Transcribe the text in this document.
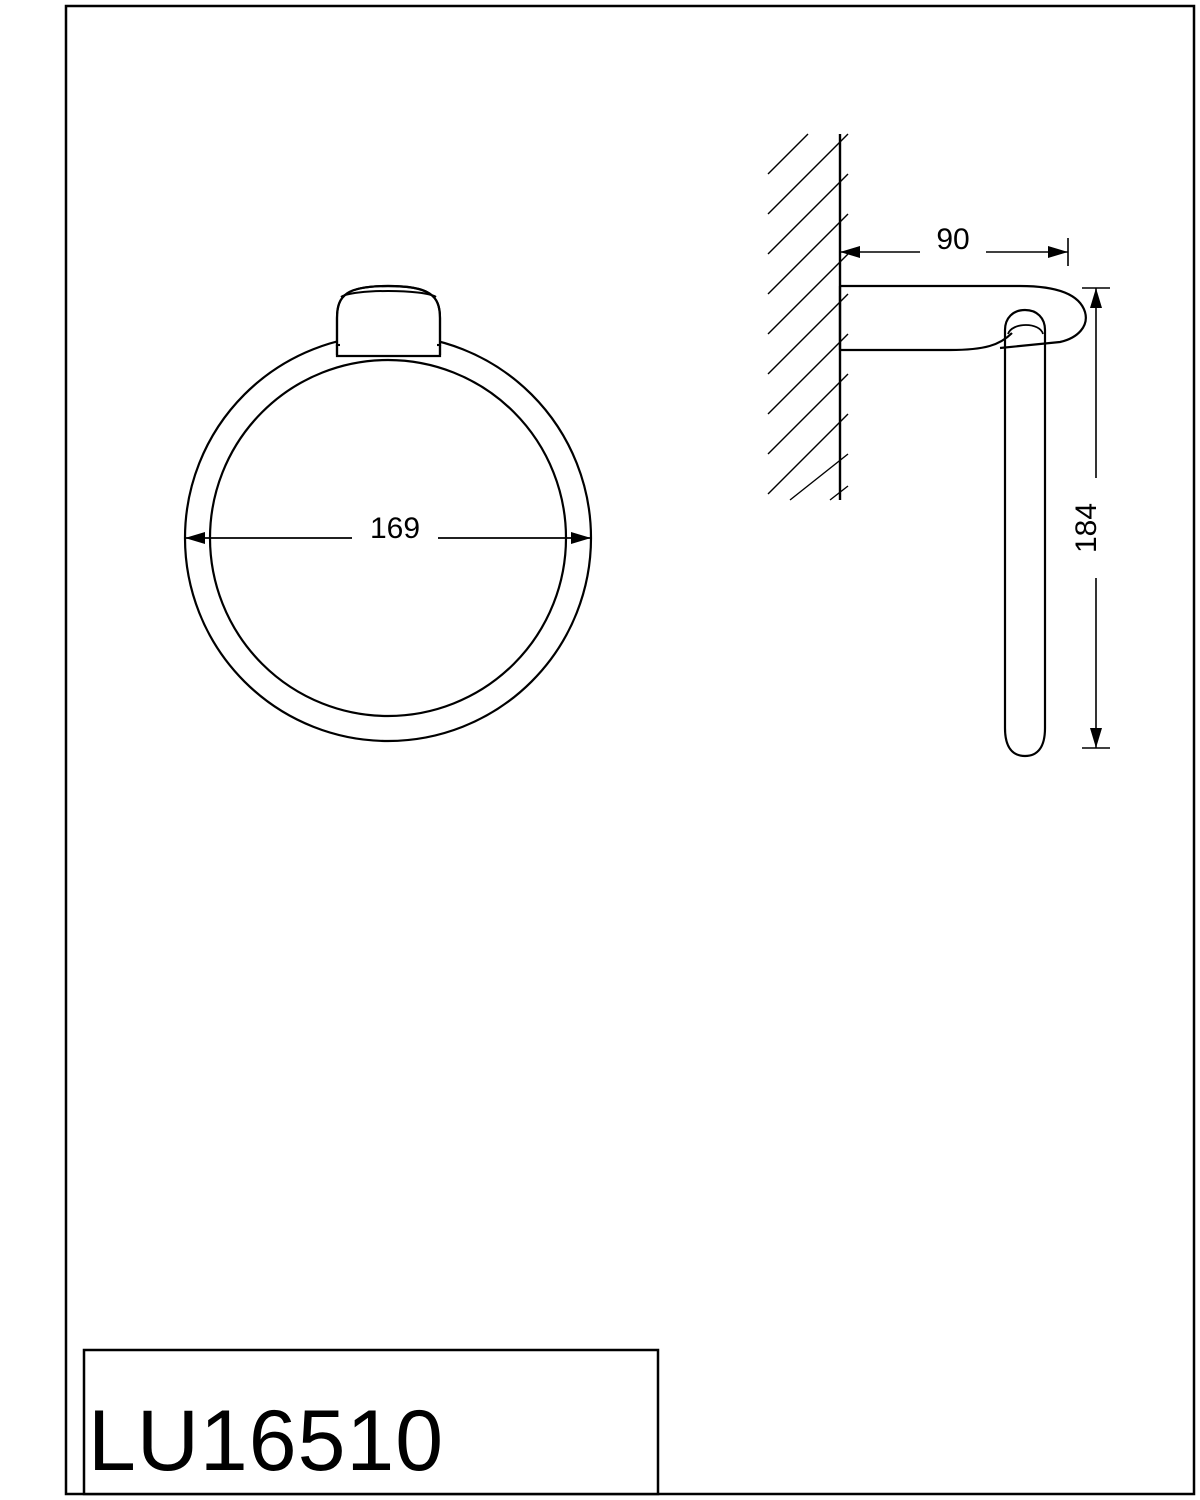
169
90
184
LU16510
